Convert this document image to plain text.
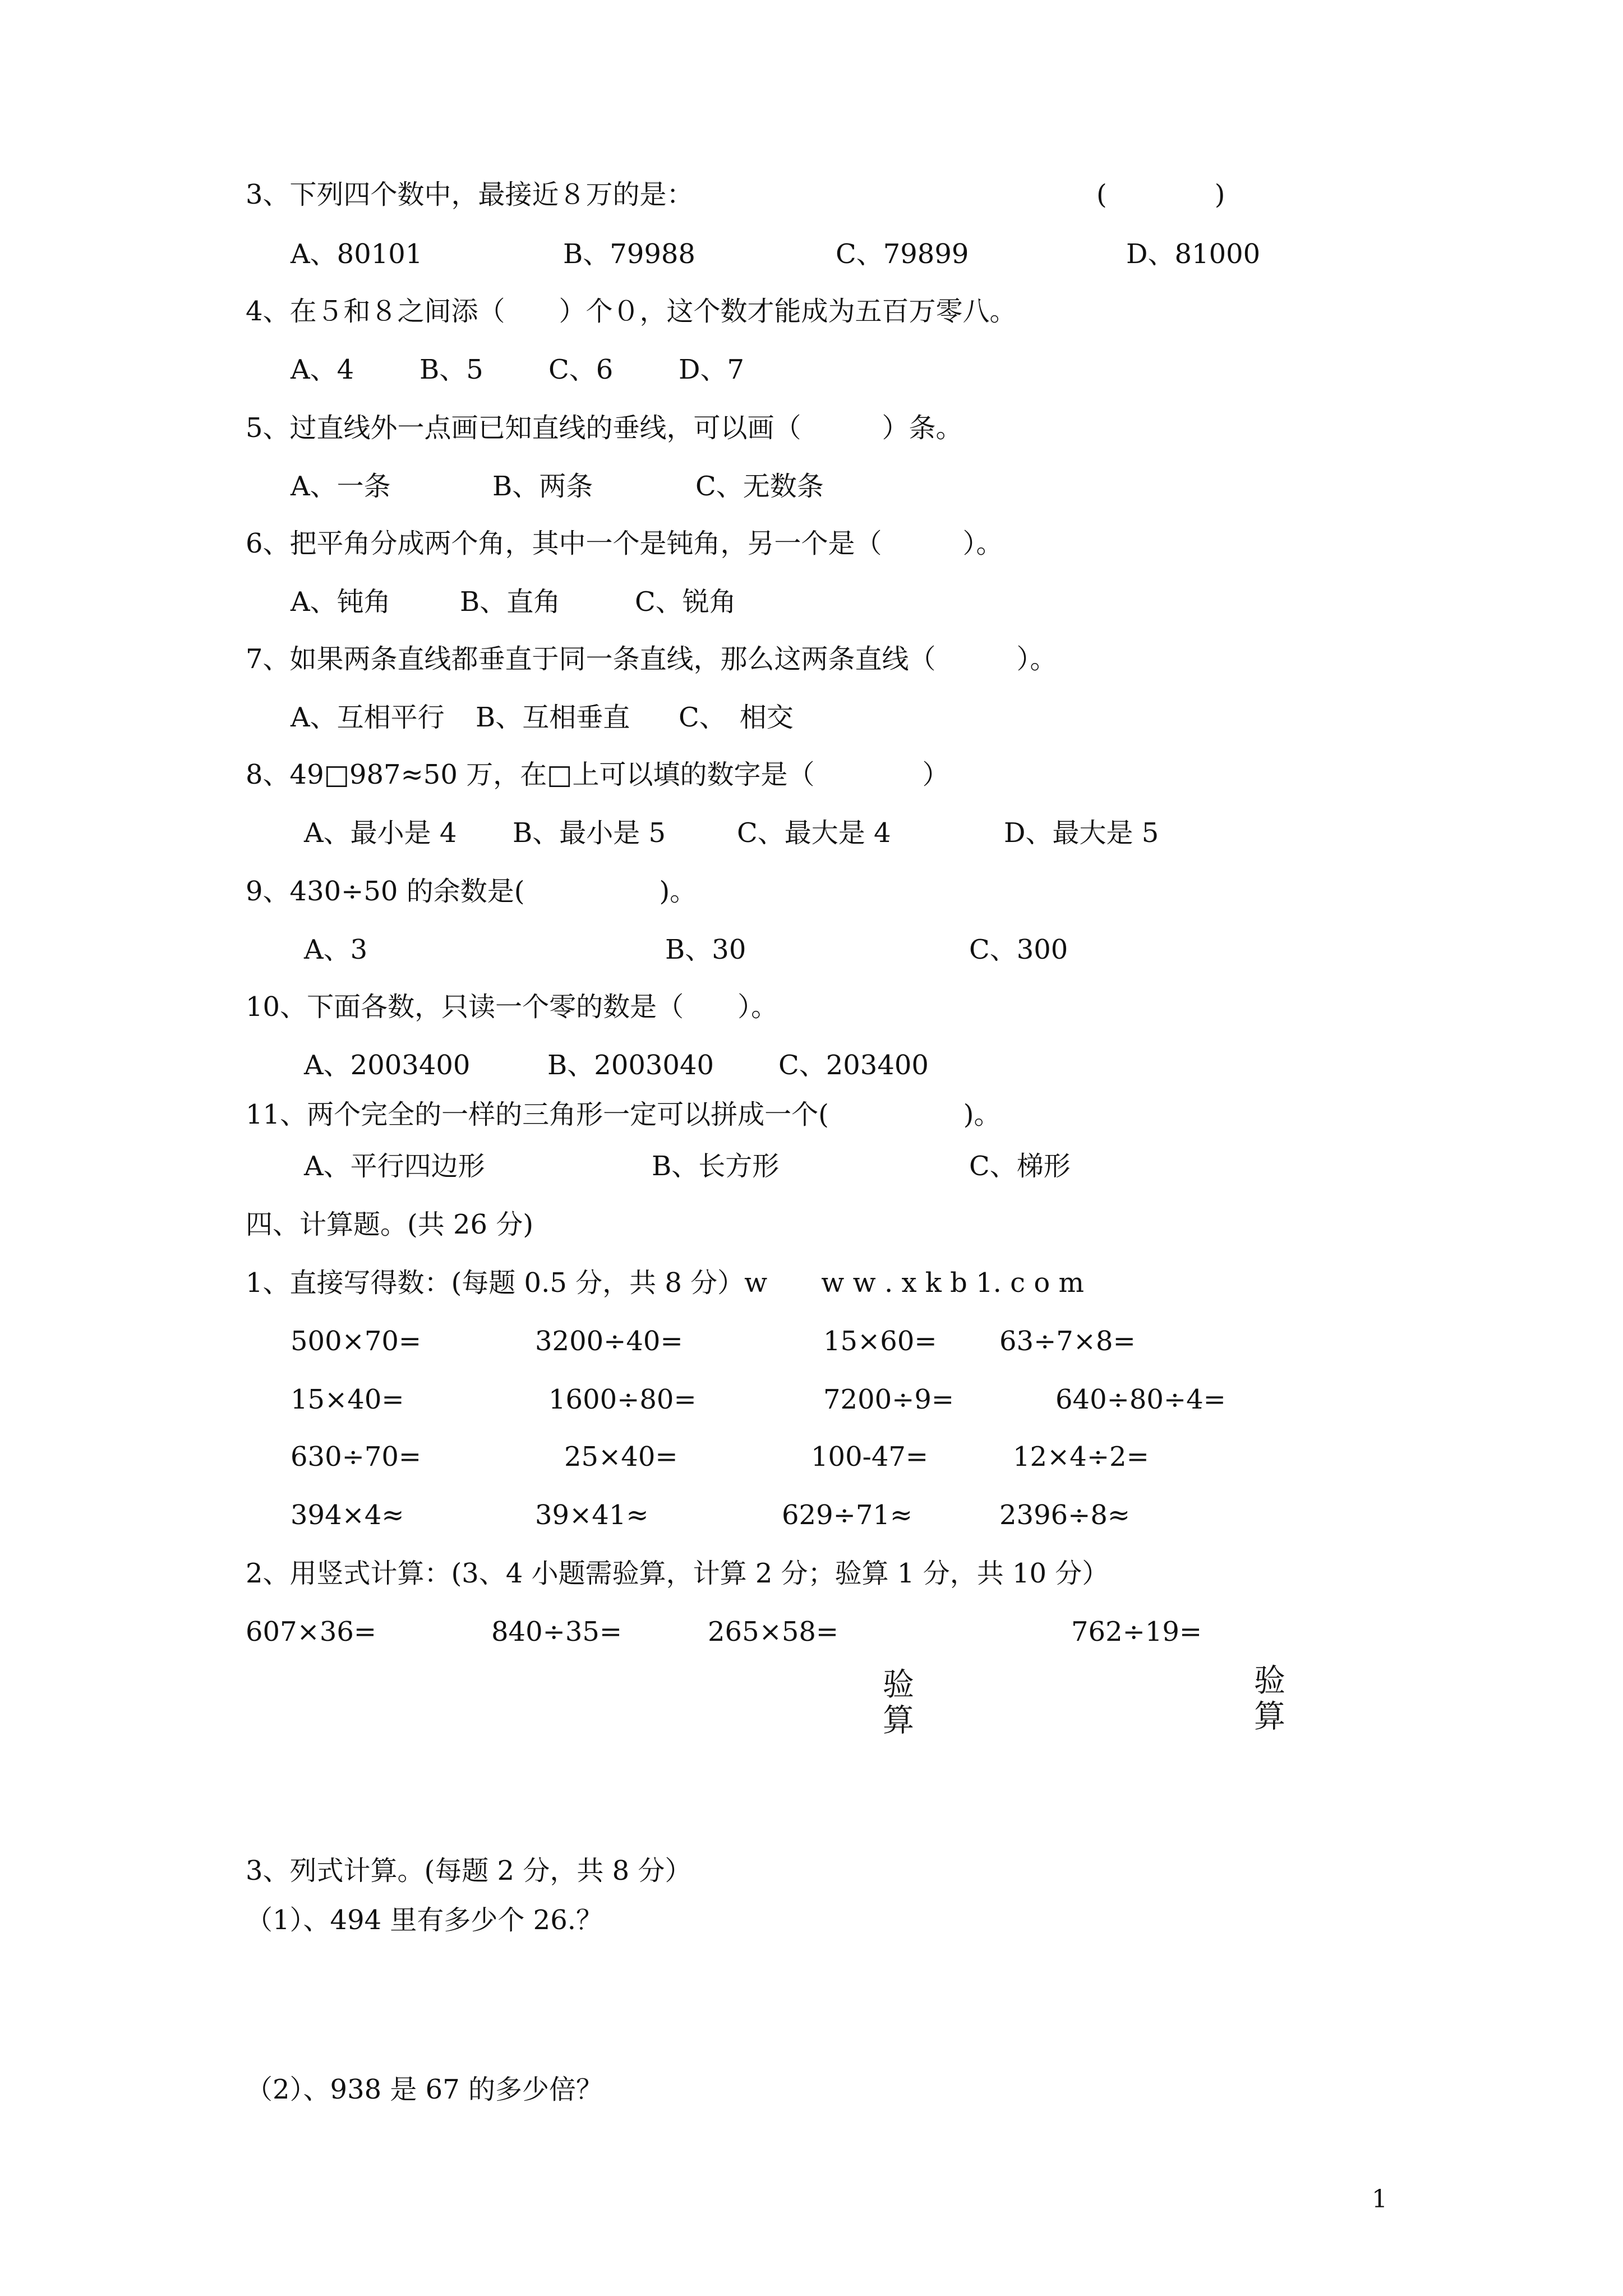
3、下列四个数中，最接近８万的是：	(　　　　)
A、80101	B、79988	C、79899	D、81000
4、在５和８之间添（　　）个０，这个数才能成为五百万零八。
A、4 B、5 C、6 D、7
5、过直线外一点画已知直线的垂线，可以画（　　　）条。
A、一条	B、两条	C、无数条
6、把平角分成两个角，其中一个是钝角，另一个是（　　　）。
A、钝角	B、直角	C、锐角
7、如果两条直线都垂直于同一条直线，那么这两条直线（　　　）。
A、互相平行 B、互相垂直 C、　相交
8、49□987≈50 万，在□上可以填的数字是（　　　　）
A、最小是 4 B、最小是 5	C、最大是 4	D、最大是 5
9、430÷50 的余数是(　　　　　)。
A、3	B、30	C、300
10、下面各数，只读一个零的数是（　　）。
A、2003400	B、2003040 C、203400
11、两个完全的一样的三角形一定可以拼成一个(　　　　　)。
A、平行四边形	B、长方形	C、梯形
四、计算题。(共 26 分)
1、直接写得数：(每题 0.5 分，共 8 分）w　　w w . x k b 1. c o m
500×70=	3200÷40=	15×60= 63÷7×8=
15×40=	1600÷80=	7200÷9=	640÷80÷4=
630÷70=	25×40=	100-47=	12×4÷2=
394×4≈	39×41≈	629÷71≈	2396÷8≈
2、用竖式计算：(3、4 小题需验算，计算 2 分；验算 1 分，共 10 分）
607×36=	840÷35=	265×58=	762÷19=
验
算
验
算
3、列式计算。(每题 2 分，共 8 分）
（1）、494 里有多少个 26.？
（2）、938 是 67 的多少倍？
1
